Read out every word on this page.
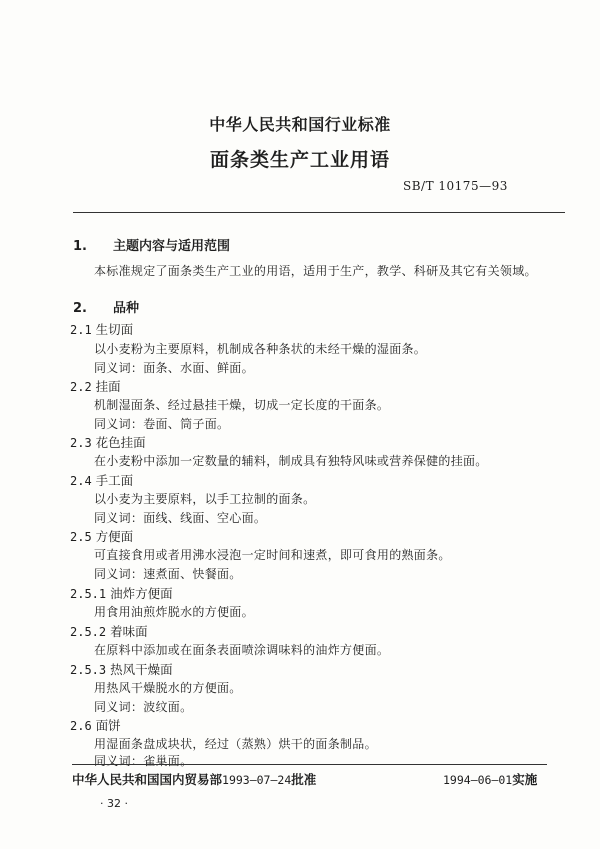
中华人民共和国行业标准
面条类生产工业用语
SB/T 10175—93
1. 主题内容与适用范围
本标准规定了面条类生产工业的用语，适用于生产，教学、科研及其它有关领域。
2. 品种
2.1 生切面
以小麦粉为主要原料，机制成各种条状的未经干燥的湿面条。
同义词：面条、水面、鲜面。
2.2 挂面
机制湿面条、经过悬挂干燥，切成一定长度的干面条。
同义词：卷面、筒子面。
2.3 花色挂面
在小麦粉中添加一定数量的辅料，制成具有独特风味或营养保健的挂面。
2.4 手工面
以小麦为主要原料，以手工拉制的面条。
同义词：面线、线面、空心面。
2.5 方便面
可直接食用或者用沸水浸泡一定时间和速煮，即可食用的熟面条。
同义词：速煮面、快餐面。
2.5.1 油炸方便面
用食用油煎炸脱水的方便面。
2.5.2 着味面
在原料中添加或在面条表面喷涂调味料的油炸方便面。
2.5.3 热风干燥面
用热风干燥脱水的方便面。
同义词：波纹面。
2.6 面饼
用湿面条盘成块状，经过（蒸熟）烘干的面条制品。
同义词：雀巢面。
中华人民共和国国内贸易部1993—07—24批准	1994—06—01实施
· 32 ·
